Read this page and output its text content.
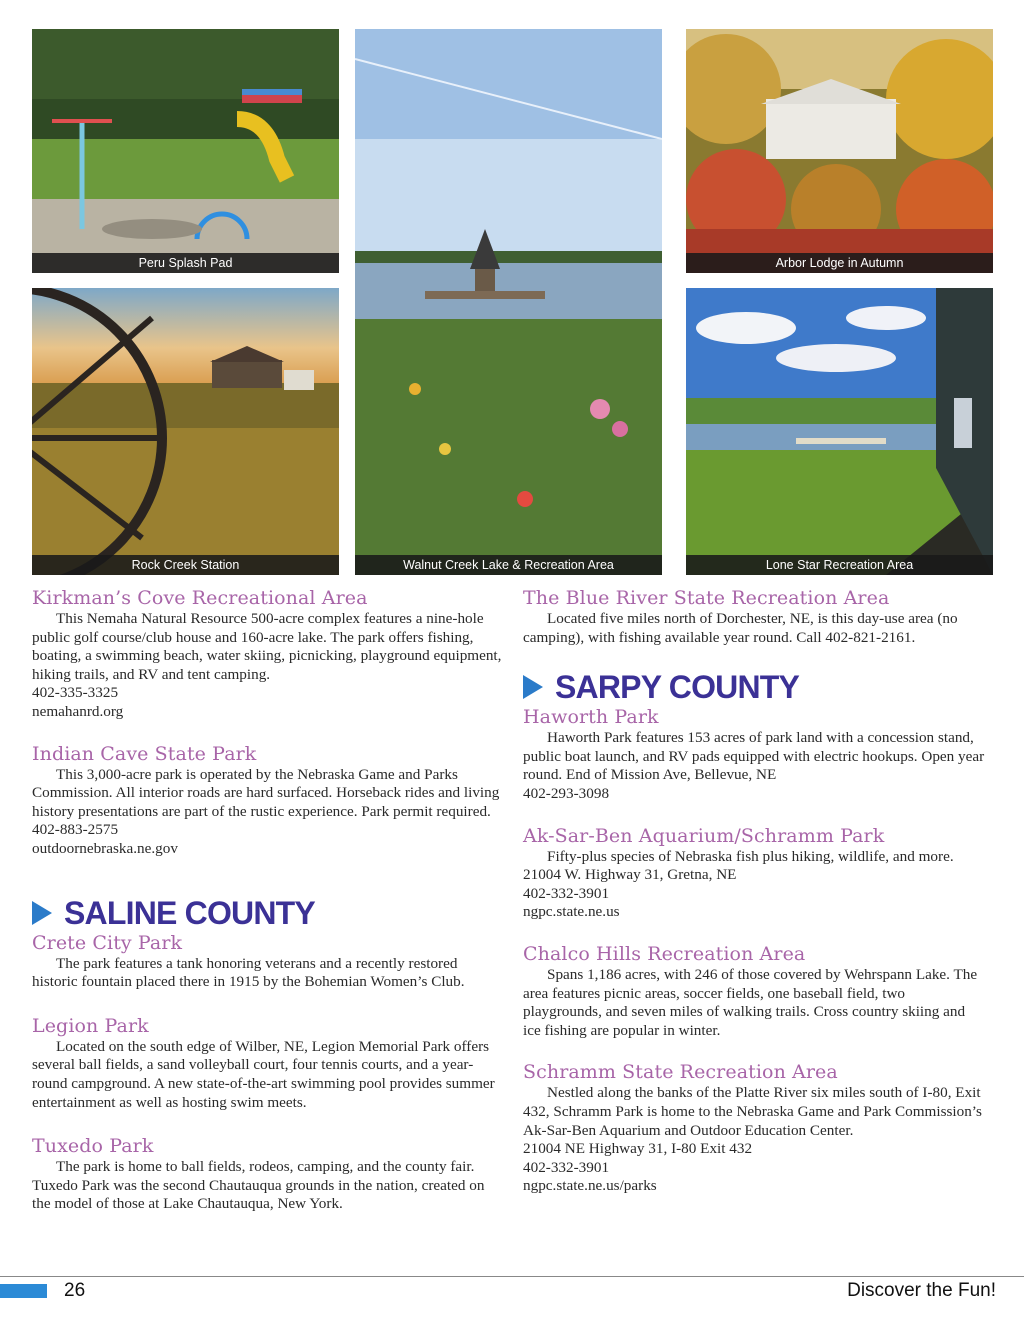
Peru Splash Pad
Walnut Creek Lake & Recreation Area
Arbor Lodge in Autumn
Rock Creek Station	Lone Star Recreation Area
Kirkman’s Cove Recreational Area
This Nemaha Natural Resource 500-acre complex features a nine-hole public golf course/club house and 160-acre lake. The park offers fishing, boating, a swimming beach, water skiing, picnicking, playground equipment, hiking trails, and RV and tent camping.
402-335-3325
nemahanrd.org
Indian Cave State Park
This 3,000-acre park is operated by the Nebraska Game and Parks Commission. All interior roads are hard surfaced. Horseback rides and living history presentations are part of the rustic experience. Park permit required.
402-883-2575
outdoornebraska.ne.gov
SALINE COUNTY
Crete City Park
The park features a tank honoring veterans and a recently restored historic fountain placed there in 1915 by the Bohemian Women’s Club.
Legion Park
Located on the south edge of Wilber, NE, Legion Memorial Park offers several ball fields, a sand volleyball court, four tennis courts, and a year-round campground. A new state-of-the-art swimming pool provides summer entertainment as well as hosting swim meets.
Tuxedo Park
The park is home to ball fields, rodeos, camping, and the county fair. Tuxedo Park was the second Chautauqua grounds in the nation, created on the model of those at Lake Chautauqua, New York.
The Blue River State Recreation Area
Located five miles north of Dorchester, NE, is this day-use area (no camping), with fishing available year round. Call 402-821-2161.
SARPY COUNTY
Haworth Park
Haworth Park features 153 acres of park land with a concession stand, public boat launch, and RV pads equipped with electric hookups. Open year round. End of Mission Ave, Bellevue, NE
402-293-3098
Ak-Sar-Ben Aquarium/Schramm Park
Fifty-plus species of Nebraska fish plus hiking, wildlife, and more.
21004 W. Highway 31, Gretna, NE
402-332-3901
ngpc.state.ne.us
Chalco Hills Recreation Area
Spans 1,186 acres, with 246 of those covered by Wehrspann Lake. The area features picnic areas, soccer fields, one baseball field, two playgrounds, and seven miles of walking trails. Cross country skiing and ice fishing are popular in winter.
Schramm State Recreation Area
Nestled along the banks of the Platte River six miles south of I-80, Exit 432, Schramm Park is home to the Nebraska Game and Park Commission’s Ak-Sar-Ben Aquarium and Outdoor Education Center.
21004 NE Highway 31, I-80 Exit 432
402-332-3901
ngpc.state.ne.us/parks
26	Discover the Fun!
